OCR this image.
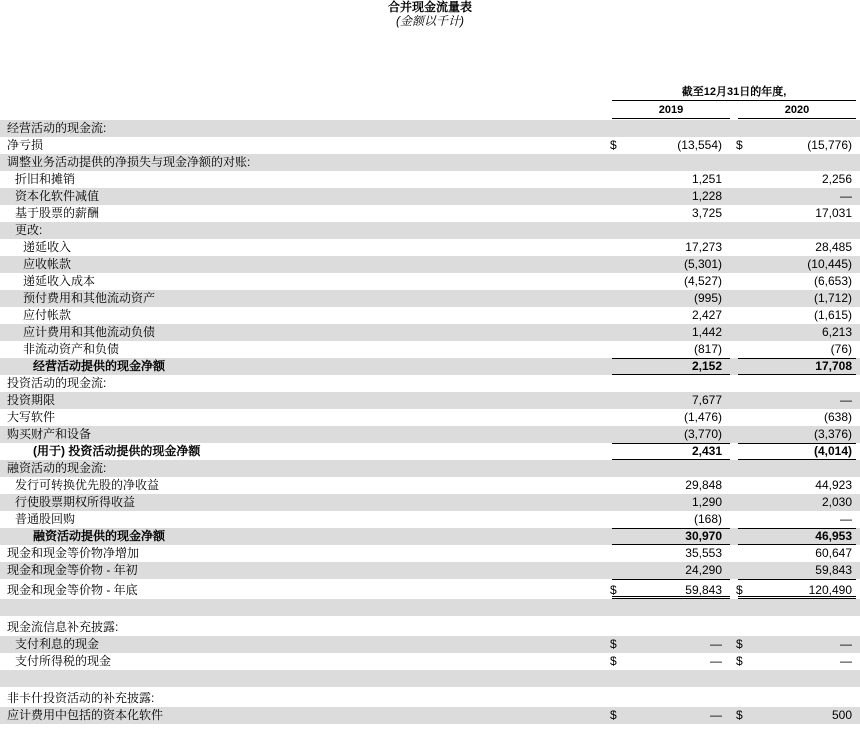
合并现金流量表
(金额以千计)
截至12月31日的年度,
2019	2020
经营活动的现金流:
净亏损	$	(13,554) $	(15,776)
调整业务活动提供的净损失与现金净额的对账:
折旧和摊销	1,251	2,256
资本化软件减值	1,228	—
基于股票的薪酬	3,725	17,031
更改:
递延收入	17,273	28,485
应收帐款	(5,301)	(10,445)
递延收入成本	(4,527)	(6,653)
预付费用和其他流动资产	(995)	(1,712)
应付帐款	2,427	(1,615)
应计费用和其他流动负债	1,442	6,213
非流动资产和负债	(817)	(76)
经营活动提供的现金净额	2,152	17,708
投资活动的现金流:
投资期限	7,677	—
大写软件	(1,476)	(638)
购买财产和设备	(3,770)	(3,376)
(用于) 投资活动提供的现金净额	2,431	(4,014)
融资活动的现金流:
发行可转换优先股的净收益	29,848	44,923
行使股票期权所得收益	1,290	2,030
普通股回购	(168)	—
融资活动提供的现金净额	30,970	46,953
现金和现金等价物净增加	35,553	60,647
现金和现金等价物 - 年初	24,290	59,843
现金和现金等价物 - 年底	$	59,843 $	120,490
现金流信息补充披露:
支付利息的现金	$	— $	—
支付所得税的现金	$	— $	—
非卡什投资活动的补充披露:
应计费用中包括的资本化软件	$	— $	500
